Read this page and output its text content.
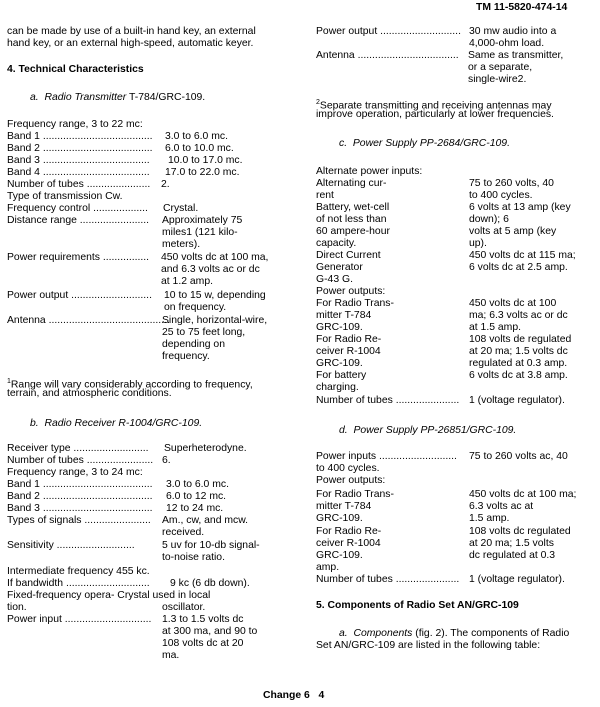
TM 11-5820-474-14
can be made by use of a built-in hand key, an external
hand key, or an external high-speed, automatic keyer.
4. Technical Characteristics
a. Radio Transmitter T-784/GRC-109.
Frequency range, 3 to 22 mc:
Band 1 ...................................... 3.0 to 6.0 mc.
Band 2 ...................................... 6.0 to 10.0 mc.
Band 3 ..................................... 10.0 to 17.0 mc.
Band 4 ..................................... 17.0 to 22.0 mc.
Number of tubes ...................... 2.
Type of transmission Cw.
Frequency control ................... Crystal.
Distance range ........................ Approximately 75
miles1 (121 kilo-
meters).
Power requirements ................ 450 volts dc at 100 ma,
and 6.3 volts ac or dc
at 1.2 amp.
Power output ............................ 10 to 15 w, depending
on frequency.
Antenna ..........................................
Single, horizontal-wire,
25 to 75 feet long,
depending on
frequency.
$^1$Range will vary considerably according to frequency,
terrain, and atmospheric conditions.
b. Radio Receiver R-1004/GRC-109.
Receiver type .......................... Superheterodyne.
Number of tubes ....................... 6.
Frequency range, 3 to 24 mc:
Band 1 ...................................... 3.0 to 6.0 mc.
Band 2 ...................................... 6.0 to 12 mc.
Band 3 ...................................... 12 to 24 mc.
Types of signals ....................... Am., cw, and mcw.
received.
Sensitivity ...........................	5 uv for 10-db signal-
to-noise ratio.
Intermediate frequency 455 kc.
If bandwidth ............................. 9 kc (6 db down).
Fixed-frequency opera- Crystal used in local
tion.	oscillator.
Power input .............................. 1.3 to 1.5 volts dc
at 300 ma, and 90 to
108 volts dc at 20
ma.
Power output ............................ 30 mw audio into a
4,000-ohm load.
Antenna ................................... Same as transmitter,
or a separate,
single-wire2.
$^2$Separate transmitting and receiving antennas may
improve operation, particularly at lower frequencies.
c. Power Supply PP-2684/GRC-109.
Alternate power inputs:
Alternating cur-
rent
75 to 260 volts, 40
to 400 cycles.
Battery, wet-cell
of not less than
60 ampere-hour
capacity.
6 volts at 13 amp (key
down); 6
volts at 5 amp (key
up).
Direct Current
Generator
G-43 G.
450 volts dc at 115 ma;
6 volts dc at 2.5 amp.
Power outputs:
For Radio Trans-
mitter T-784
GRC-109.
450 volts dc at 100
ma; 6.3 volts ac or dc
at 1.5 amp.
For Radio Re-
ceiver R-1004
GRC-109.
108 volts de regulated
at 20 ma; 1.5 volts dc
regulated at 0.3 amp.
For battery
charging.
6 volts dc at 3.8 amp.
Number of tubes ...................... 1 (voltage regulator).
d. Power Supply PP-26851/GRC-109.
Power inputs ........................... 75 to 260 volts ac, 40
to 400 cycles.
Power outputs:
For Radio Trans-
mitter T-784
GRC-109.
450 volts dc at 100 ma;
6.3 volts ac at
1.5 amp.
For Radio Re-
ceiver R-1004
GRC-109.
108 volts dc regulated
at 20 ma; 1.5 volts
dc regulated at 0.3
amp.
Number of tubes ...................... 1 (voltage regulator).
5. Components of Radio Set AN/GRC-109
a. Components (fig. 2). The components of Radio
Set AN/GRC-109 are listed in the following table:
Change 6 4
